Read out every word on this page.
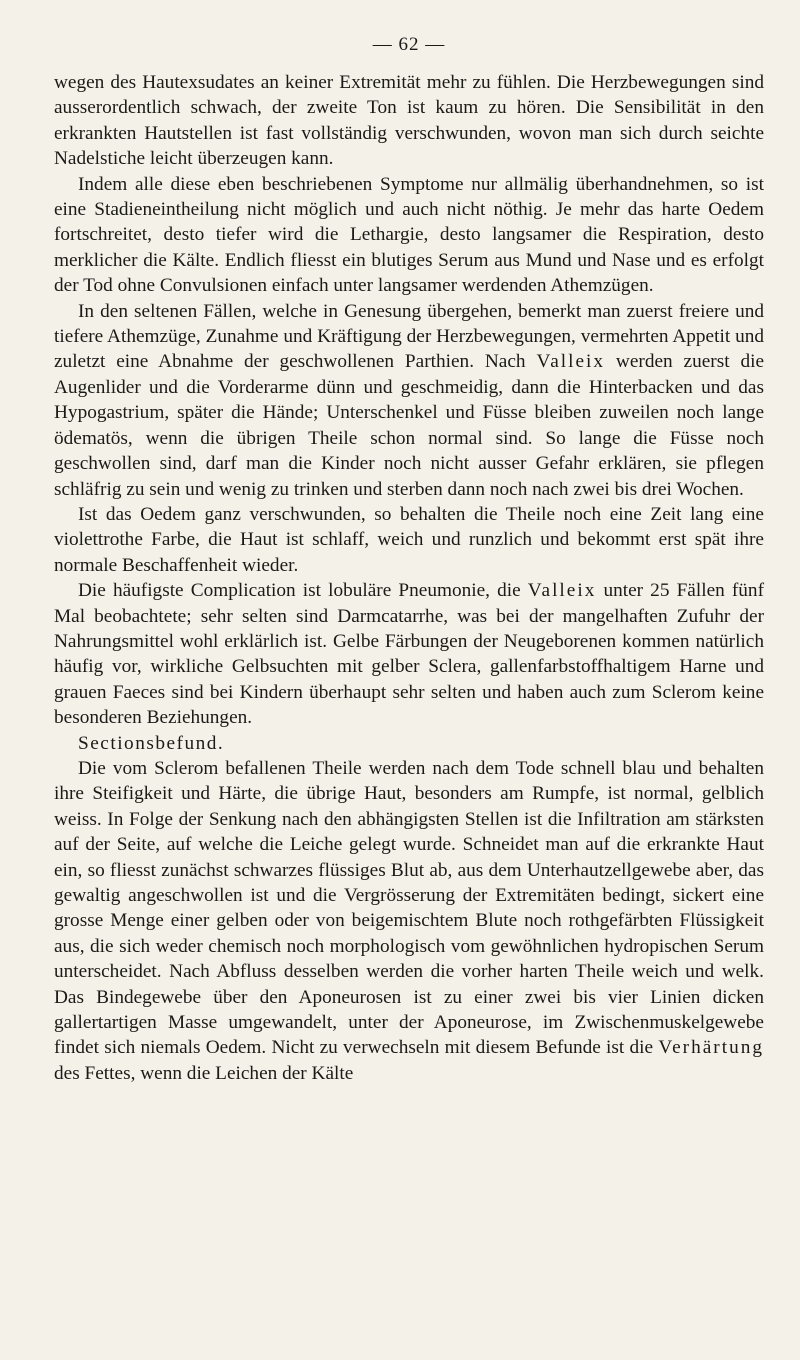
— 62 —

wegen des Hautexsudates an keiner Extremität mehr zu fühlen. Die Herzbewegungen sind ausserordentlich schwach, der zweite Ton ist kaum zu hören. Die Sensibilität in den erkrankten Hautstellen ist fast vollständig verschwunden, wovon man sich durch seichte Nadelstiche leicht überzeugen kann.

Indem alle diese eben beschriebenen Symptome nur allmälig überhandnehmen, so ist eine Stadieneintheilung nicht möglich und auch nicht nöthig. Je mehr das harte Oedem fortschreitet, desto tiefer wird die Lethargie, desto langsamer die Respiration, desto merklicher die Kälte. Endlich fliesst ein blutiges Serum aus Mund und Nase und es erfolgt der Tod ohne Convulsionen einfach unter langsamer werdenden Athemzügen.

In den seltenen Fällen, welche in Genesung übergehen, bemerkt man zuerst freiere und tiefere Athemzüge, Zunahme und Kräftigung der Herzbewegungen, vermehrten Appetit und zuletzt eine Abnahme der geschwollenen Parthien. Nach Valleix werden zuerst die Augenlider und die Vorderarme dünn und geschmeidig, dann die Hinterbacken und das Hypogastrium, später die Hände; Unterschenkel und Füsse bleiben zuweilen noch lange ödematös, wenn die übrigen Theile schon normal sind. So lange die Füsse noch geschwollen sind, darf man die Kinder noch nicht ausser Gefahr erklären, sie pflegen schläfrig zu sein und wenig zu trinken und sterben dann noch nach zwei bis drei Wochen.

Ist das Oedem ganz verschwunden, so behalten die Theile noch eine Zeit lang eine violettrothe Farbe, die Haut ist schlaff, weich und runzlich und bekommt erst spät ihre normale Beschaffenheit wieder.

Die häufigste Complication ist lobuläre Pneumonie, die Valleix unter 25 Fällen fünf Mal beobachtete; sehr selten sind Darmcatarrhe, was bei der mangelhaften Zufuhr der Nahrungsmittel wohl erklärlich ist. Gelbe Färbungen der Neugeborenen kommen natürlich häufig vor, wirkliche Gelbsuchten mit gelber Sclera, gallenfarbstoffhaltigem Harne und grauen Faeces sind bei Kindern überhaupt sehr selten und haben auch zum Sclerom keine besonderen Beziehungen.

Sectionsbefund.

Die vom Sclerom befallenen Theile werden nach dem Tode schnell blau und behalten ihre Steifigkeit und Härte, die übrige Haut, besonders am Rumpfe, ist normal, gelblich weiss. In Folge der Senkung nach den abhängigsten Stellen ist die Infiltration am stärksten auf der Seite, auf welche die Leiche gelegt wurde. Schneidet man auf die erkrankte Haut ein, so fliesst zunächst schwarzes flüssiges Blut ab, aus dem Unterhautzellgewebe aber, das gewaltig angeschwollen ist und die Vergrösserung der Extremitäten bedingt, sickert eine grosse Menge einer gelben oder von beigemischtem Blute noch rothgefärbten Flüssigkeit aus, die sich weder chemisch noch morphologisch vom gewöhnlichen hydropischen Serum unterscheidet. Nach Abfluss desselben werden die vorher harten Theile weich und welk. Das Bindegewebe über den Aponeurosen ist zu einer zwei bis vier Linien dicken gallertartigen Masse umgewandelt, unter der Aponeurose, im Zwischenmuskelgewebe findet sich niemals Oedem. Nicht zu verwechseln mit diesem Befunde ist die Verhärtung des Fettes, wenn die Leichen der Kälte
